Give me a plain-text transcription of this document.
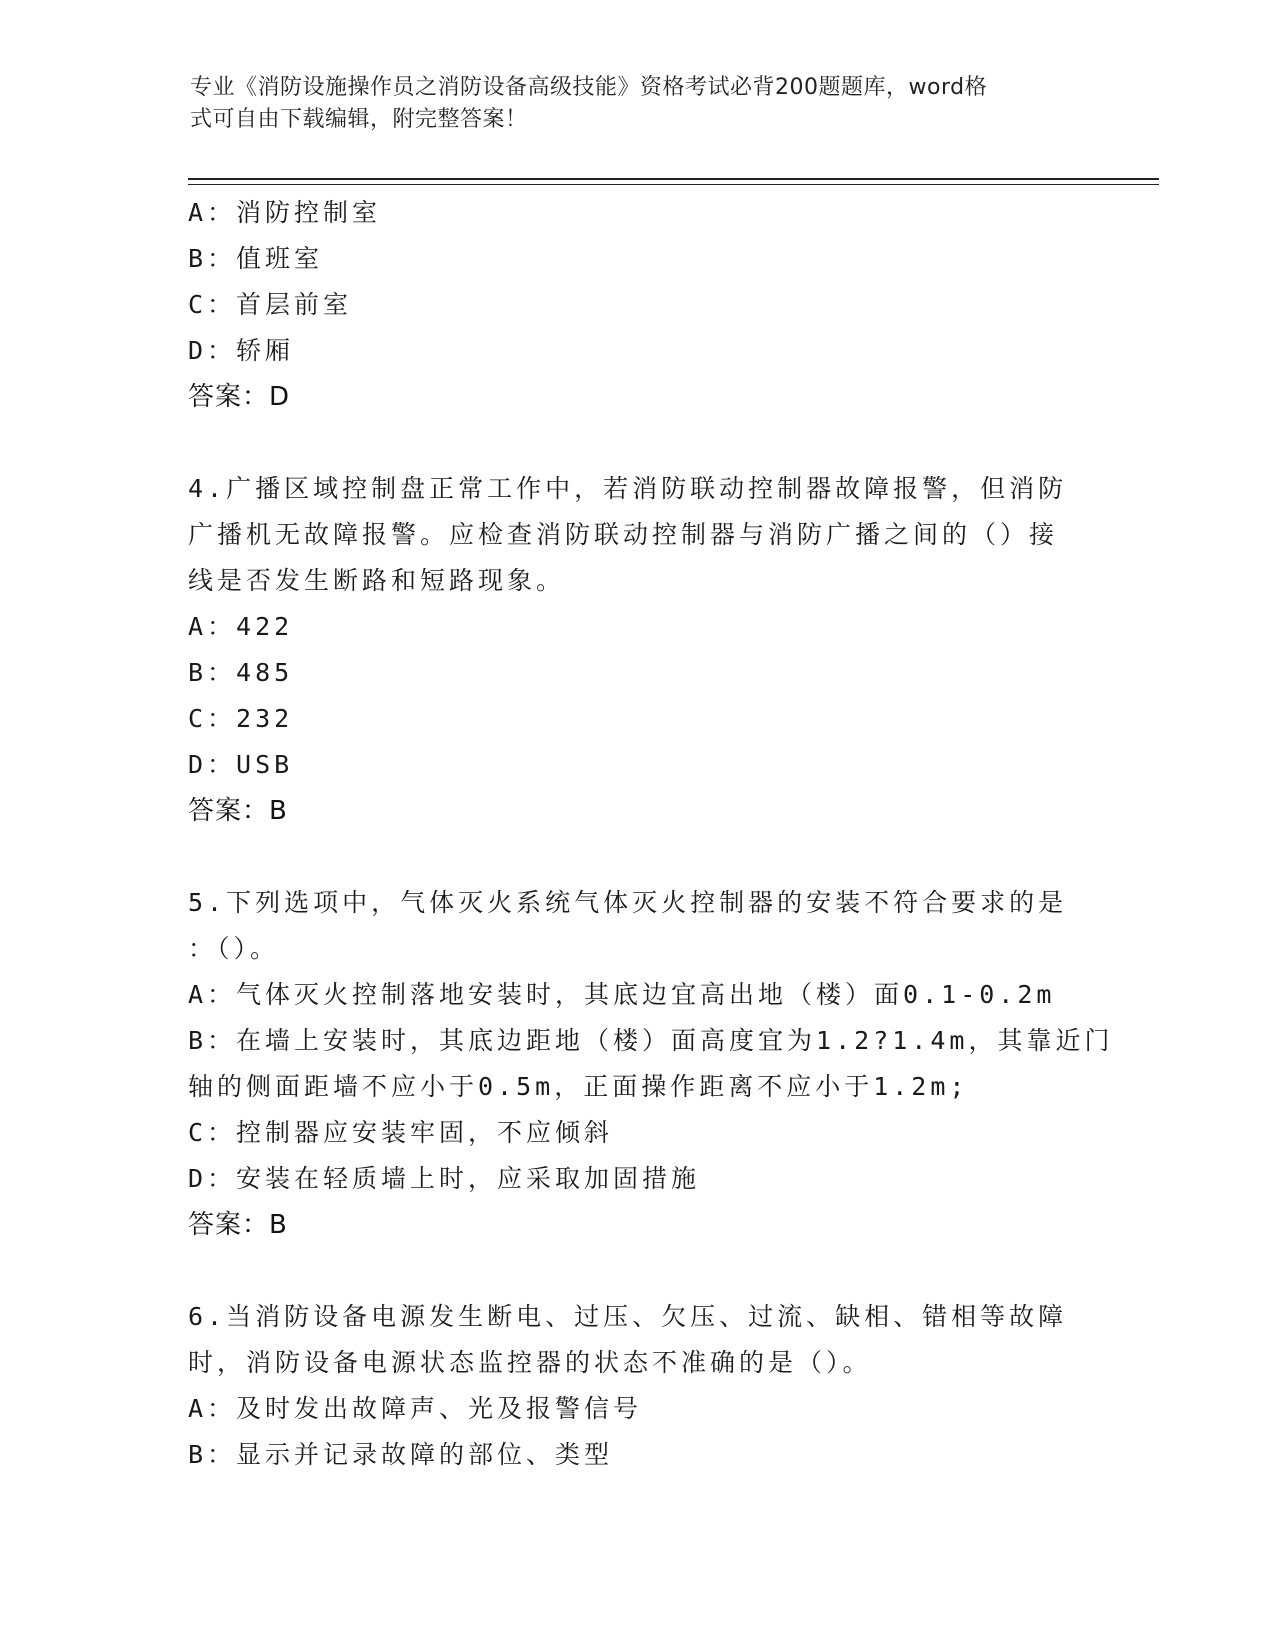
专业《消防设施操作员之消防设备高级技能》资格考试必背200题题库，word格
式可自由下载编辑，附完整答案！
A：消防控制室
B：值班室
C：首层前室
D：轿厢
答案：D
4.广播区域控制盘正常工作中，若消防联动控制器故障报警，但消防
广播机无故障报警。应检查消防联动控制器与消防广播之间的（）接
线是否发生断路和短路现象。
A：422
B：485
C：232
D：USB
答案：B
5.下列选项中，气体灭火系统气体灭火控制器的安装不符合要求的是
：（）。
A：气体灭火控制落地安装时，其底边宜高出地（楼）面0.1-0.2m
B：在墙上安装时，其底边距地（楼）面高度宜为1.2?1.4m，其靠近门
轴的侧面距墙不应小于0.5m，正面操作距离不应小于1.2m;
C：控制器应安装牢固，不应倾斜
D：安装在轻质墙上时，应采取加固措施
答案：B
6.当消防设备电源发生断电、过压、欠压、过流、缺相、错相等故障
时，消防设备电源状态监控器的状态不准确的是（）。
A：及时发出故障声、光及报警信号
B：显示并记录故障的部位、类型
